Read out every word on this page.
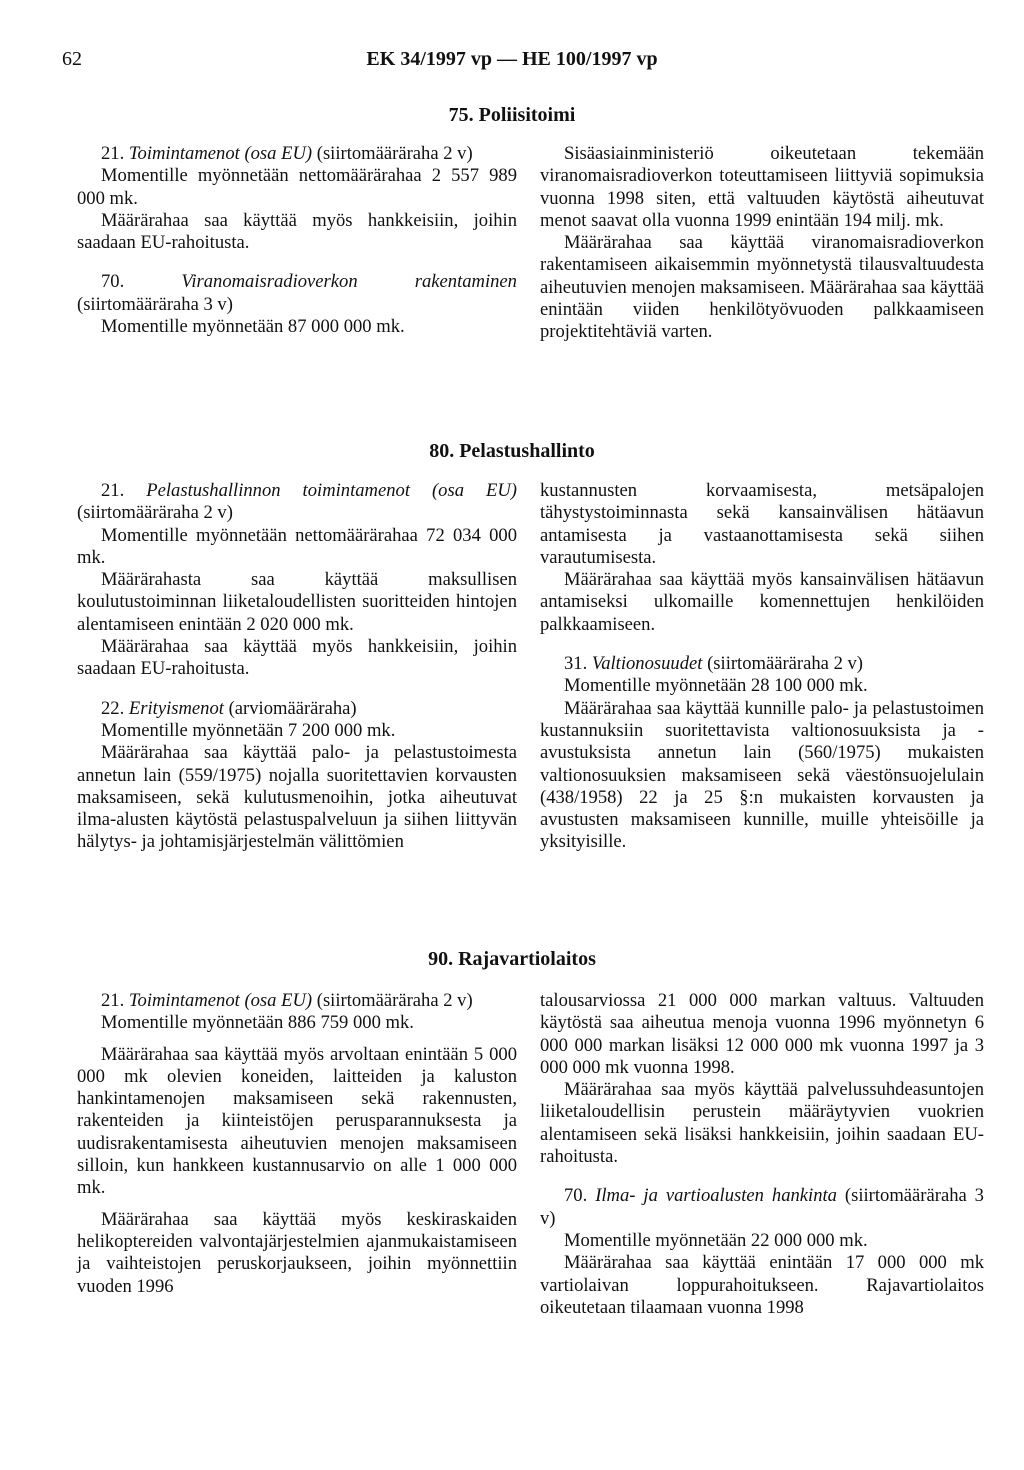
62	EK 34/1997 vp — HE 100/1997 vp
75. Poliisitoimi

21. Toimintamenot (osa EU) (siirtomääräraha 2 v)

Momentille myönnetään nettomäärärahaa 2 557 989 000 mk.

Määrärahaa saa käyttää myös hankkeisiin, joihin saadaan EU-rahoitusta.

70.	Viranomaisradioverkon rakentaminen (siirtomääräraha 3 v)

Momentille myönnetään 87 000 000 mk.

Sisäasiainministeriö oikeutetaan tekemään viranomaisradioverkon toteuttamiseen liittyviä sopimuksia vuonna 1998 siten, että valtuuden käytöstä aiheutuvat menot saavat olla vuonna 1999 enintään 194 milj. mk.

Määrärahaa saa käyttää viranomaisradioverkon rakentamiseen aikaisemmin myönnetystä tilausvaltuudesta aiheutuvien menojen maksamiseen. Määrärahaa saa käyttää enintään viiden henkilötyövuoden palkkaamiseen projektitehtäviä varten.

80. Pelastushallinto

21. Pelastushallinnon toimintamenot (osa EU) (siirtomääräraha 2 v)

Momentille myönnetään nettomäärärahaa 72 034 000 mk.

Määrärahasta saa käyttää maksullisen koulutustoiminnan liiketaloudellisten suoritteiden hintojen alentamiseen enintään 2 020 000 mk.

Määrärahaa saa käyttää myös hankkeisiin, joihin saadaan EU-rahoitusta.

22. Erityismenot (arviomääräraha)

Momentille myönnetään 7 200 000 mk.

Määrärahaa saa käyttää palo- ja pelastustoimesta annetun lain (559/1975) nojalla suoritettavien korvausten maksamiseen, sekä kulutusmenoihin, jotka aiheutuvat ilma-alusten käytöstä pelastuspalveluun ja siihen liittyvän hälytys- ja johtamisjärjestelmän välittömien

kustannusten korvaamisesta, metsäpalojen tähystystoiminnasta sekä kansainvälisen hätäavun antamisesta ja vastaanottamisesta sekä siihen varautumisesta.

Määrärahaa saa käyttää myös kansainvälisen hätäavun antamiseksi ulkomaille komennettujen henkilöiden palkkaamiseen.

31. Valtionosuudet (siirtomääräraha 2 v)

Momentille myönnetään 28 100 000 mk.

Määrärahaa saa käyttää kunnille palo- ja pelastustoimen kustannuksiin suoritettavista valtionosuuksista ja -avustuksista annetun lain (560/1975) mukaisten valtionosuuksien maksamiseen sekä väestönsuojelulain (438/1958) 22 ja 25 §:n mukaisten korvausten ja avustusten maksamiseen kunnille, muille yhteisöille ja yksityisille.

90. Rajavartiolaitos

21. Toimintamenot (osa EU) (siirtomääräraha 2 v)

Momentille myönnetään 886 759 000 mk.

Määrärahaa saa käyttää myös arvoltaan enintään 5 000 000 mk olevien koneiden, laitteiden ja kaluston hankintamenojen maksamiseen sekä rakennusten, rakenteiden ja kiinteistöjen perusparannuksesta ja uudisrakentamisesta aiheutuvien menojen maksamiseen silloin, kun hankkeen kustannusarvio on alle 1 000 000 mk.

Määrärahaa saa käyttää myös keskiraskaiden helikoptereiden valvontajärjestelmien ajanmukaistamiseen ja vaihteistojen peruskorjaukseen, joihin myönnettiin vuoden 1996

talousarviossa 21 000 000 markan valtuus. Valtuuden käytöstä saa aiheutua menoja vuonna 1996 myönnetyn 6 000 000 markan lisäksi 12 000 000 mk vuonna 1997 ja 3 000 000 mk vuonna 1998.

Määrärahaa saa myös käyttää palvelussuhdeasuntojen liiketaloudellisin perustein määräytyvien vuokrien alentamiseen sekä lisäksi hankkeisiin, joihin saadaan EU-rahoitusta.

70. Ilma- ja vartioalusten hankinta (siirtomääräraha 3 v)

Momentille myönnetään 22 000 000 mk.

Määrärahaa saa käyttää enintään 17 000 000 mk vartiolaivan loppurahoitukseen. Rajavartiolaitos oikeutetaan tilaamaan vuonna 1998
